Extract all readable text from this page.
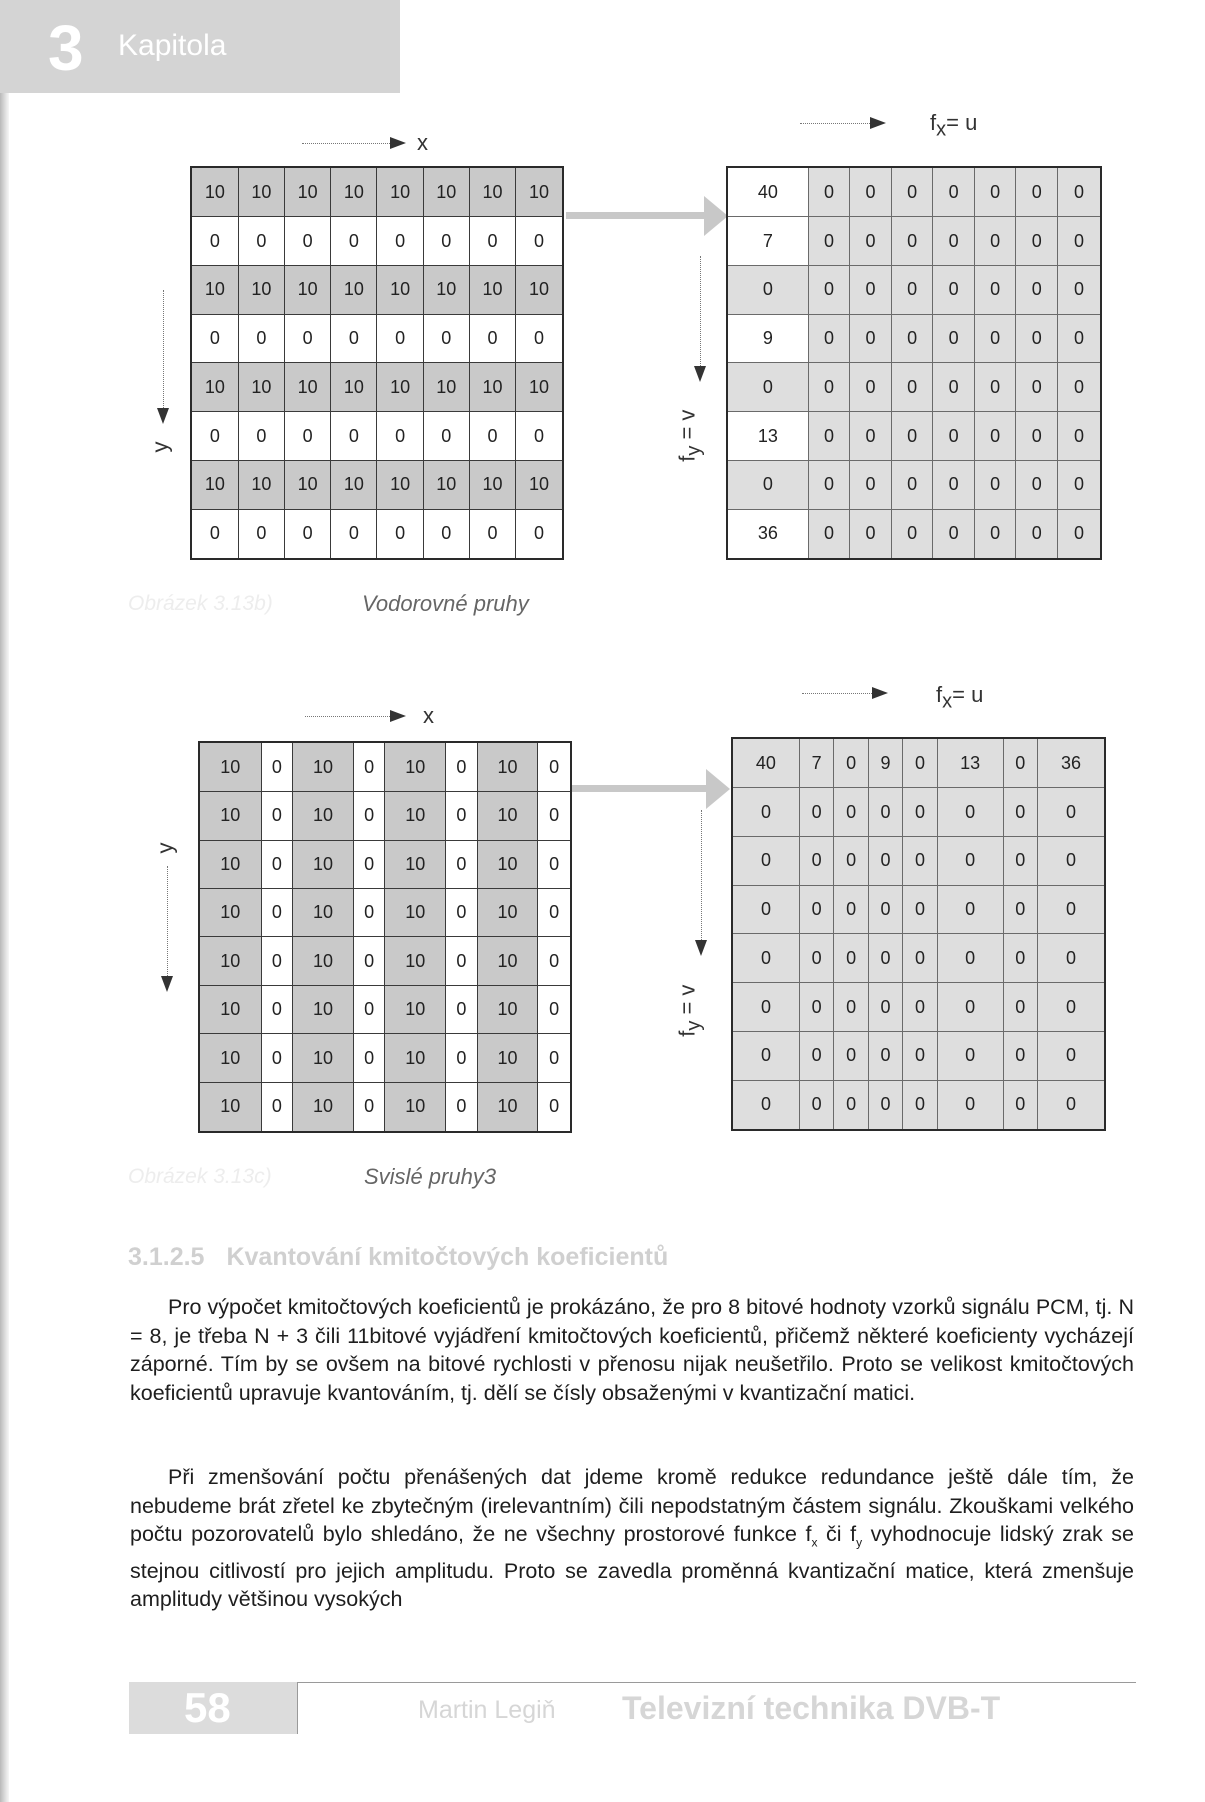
3 Kapitola
x
y
10	10	10	10	10	10	10	10
0	0	0	0	0	0	0	0
10	10	10	10	10	10	10	10
0	0	0	0	0	0	0	0
10	10	10	10	10	10	10	10
0	0	0	0	0	0	0	0
10	10	10	10	10	10	10	10
0	0	0	0	0	0	0	0
$f_x= u$
$f_y = v$
40	0	0	0	0	0	0	0
7	0	0	0	0	0	0	0
0	0	0	0	0	0	0	0
9	0	0	0	0	0	0	0
0	0	0	0	0	0	0	0
13	0	0	0	0	0	0	0
0	0	0	0	0	0	0	0
36	0	0	0	0	0	0	0
Obrázek 3.13b)	Vodorovné pruhy
x
y
10	0	10	0	10	0	10	0
10	0	10	0	10	0	10	0
10	0	10	0	10	0	10	0
10	0	10	0	10	0	10	0
10	0	10	0	10	0	10	0
10	0	10	0	10	0	10	0
10	0	10	0	10	0	10	0
10	0	10	0	10	0	10	0
$f_x= u$
$f_y = v$
40	7	0	9	0	13	0	36
0	0	0	0	0	0	0	0
0	0	0	0	0	0	0	0
0	0	0	0	0	0	0	0
0	0	0	0	0	0	0	0
0	0	0	0	0	0	0	0
0	0	0	0	0	0	0	0
0	0	0	0	0	0	0	0
Obrázek 3.13c)	Svislé pruhy3
3.1.2.5 Kvantování kmitočtových koeficientů

Pro výpočet kmitočtových koeficientů je prokázáno, že pro 8 bitové hodnoty vzorků signálu PCM, tj. N = 8, je třeba N + 3 čili 11bitové vyjádření kmitočtových koeficientů, přičemž některé koeficienty vycházejí záporné. Tím by se ovšem na bitové rychlosti v přenosu nijak neušetřilo. Proto se velikost kmitočtových koeficientů upravuje kvantováním, tj. dělí se čísly obsaženými v kvantizační matici.

Při zmenšování počtu přenášených dat jdeme kromě redukce redundance ještě dále tím, že nebudeme brát zřetel ke zbytečným (irelevantním) čili nepodstatným částem signálu. Zkouškami velkého počtu pozorovatelů bylo shledáno, že ne všechny prostorové funkce $f_x$ či $f_y$ vyhodnocuje lidský zrak se stejnou citlivostí pro jejich amplitudu. Proto se zavedla proměnná kvantizační matice, která zmenšuje amplitudy většinou vysokých

58	Martin Legiň Televizní technika DVB-T
